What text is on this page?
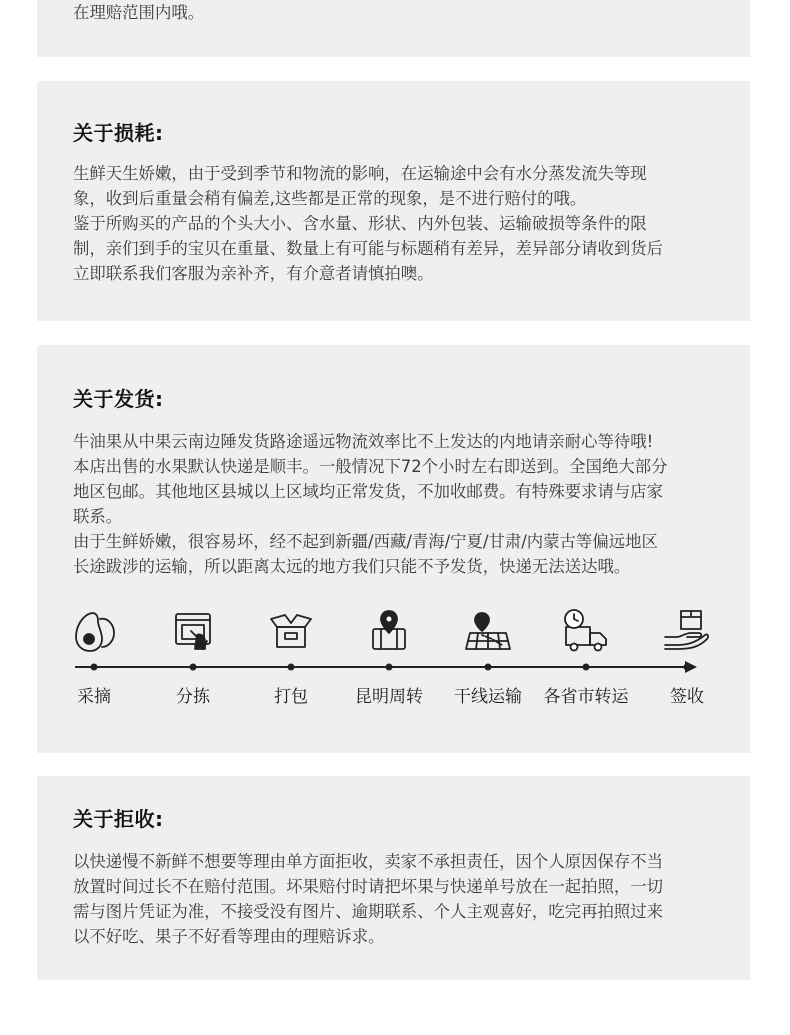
在理赔范围内哦。
关于损耗:
生鲜天生娇嫩，由于受到季节和物流的影响，在运输途中会有水分蒸发流失等现
象，收到后重量会稍有偏差,这些都是正常的现象，是不进行赔付的哦。
鉴于所购买的产品的个头大小、含水量、形状、内外包装、运输破损等条件的限
制，亲们到手的宝贝在重量、数量上有可能与标题稍有差异，差异部分请收到货后
立即联系我们客服为亲补齐，有介意者请慎拍噢。
关于发货:
牛油果从中果云南边陲发货路途遥远物流效率比不上发达的内地请亲耐心等待哦!
本店出售的水果默认快递是顺丰。一般情况下72个小时左右即送到。全国绝大部分
地区包邮。其他地区县城以上区域均正常发货，不加收邮费。有特殊要求请与店家
联系。
由于生鲜娇嫩，很容易坏，经不起到新疆/西藏/青海/宁夏/甘肃/内蒙古等偏远地区
长途跋涉的运输，所以距离太远的地方我们只能不予发货，快递无法送达哦。
采摘	分拣	打包	昆明周转 干线运输 各省市转运 签收
关于拒收:
以快递慢不新鲜不想要等理由单方面拒收，卖家不承担责任，因个人原因保存不当
放置时间过长不在赔付范围。坏果赔付时请把坏果与快递单号放在一起拍照，一切
需与图片凭证为准，不接受没有图片、逾期联系、个人主观喜好，吃完再拍照过来
以不好吃、果子不好看等理由的理赔诉求。
